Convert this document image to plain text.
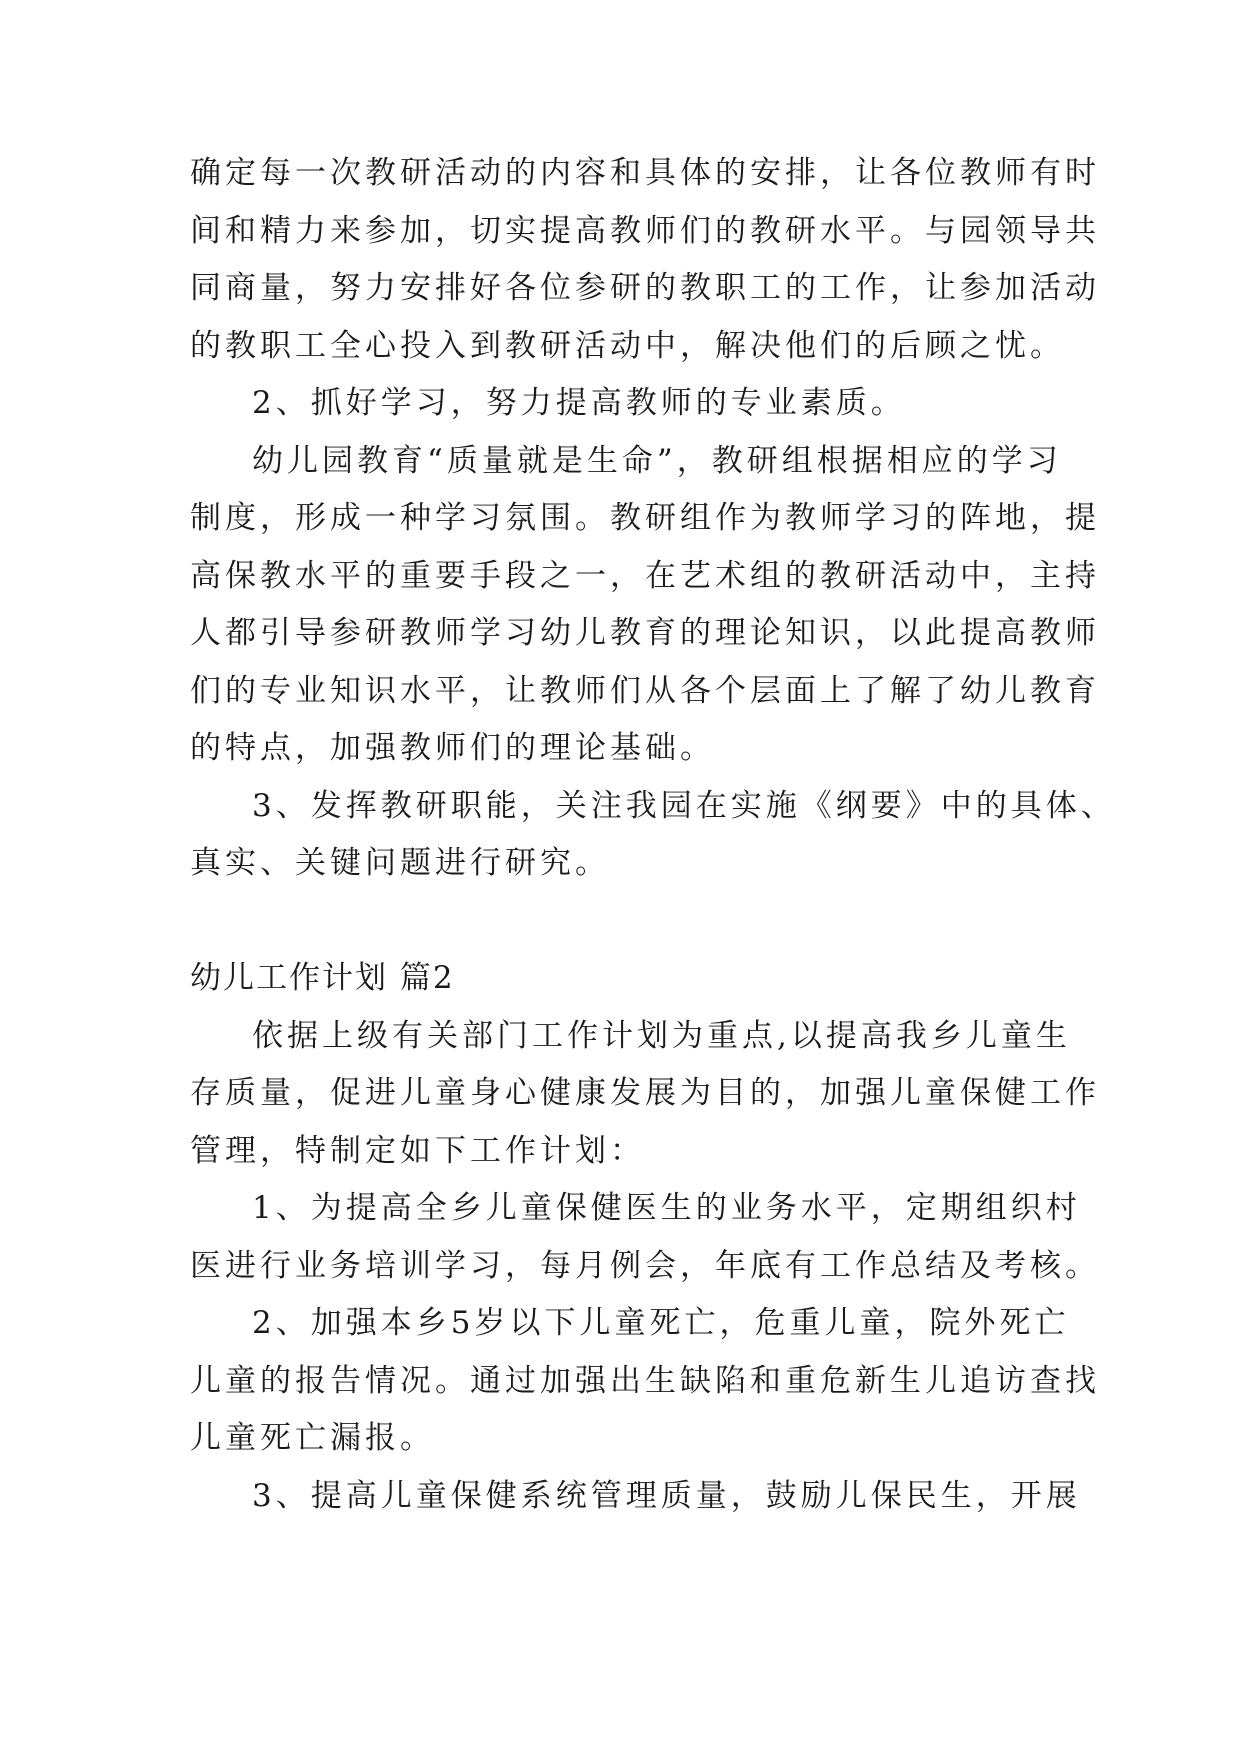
确定每一次教研活动的内容和具体的安排，让各位教师有时
间和精力来参加，切实提高教师们的教研水平。与园领导共
同商量，努力安排好各位参研的教职工的工作，让参加活动
的教职工全心投入到教研活动中，解决他们的后顾之忧。
2、抓好学习，努力提高教师的专业素质。
幼儿园教育“质量就是生命”，教研组根据相应的学习
制度，形成一种学习氛围。教研组作为教师学习的阵地，提
高保教水平的重要手段之一，在艺术组的教研活动中，主持
人都引导参研教师学习幼儿教育的理论知识，以此提高教师
们的专业知识水平，让教师们从各个层面上了解了幼儿教育
的特点，加强教师们的理论基础。
3、发挥教研职能，关注我园在实施《纲要》中的具体、
真实、关键问题进行研究。
幼儿工作计划 篇2
依据上级有关部门工作计划为重点,以提高我乡儿童生
存质量，促进儿童身心健康发展为目的，加强儿童保健工作
管理，特制定如下工作计划：
1、为提高全乡儿童保健医生的业务水平，定期组织村
医进行业务培训学习，每月例会，年底有工作总结及考核。
2、加强本乡5岁以下儿童死亡，危重儿童，院外死亡
儿童的报告情况。通过加强出生缺陷和重危新生儿追访查找
儿童死亡漏报。
3、提高儿童保健系统管理质量，鼓励儿保民生，开展
